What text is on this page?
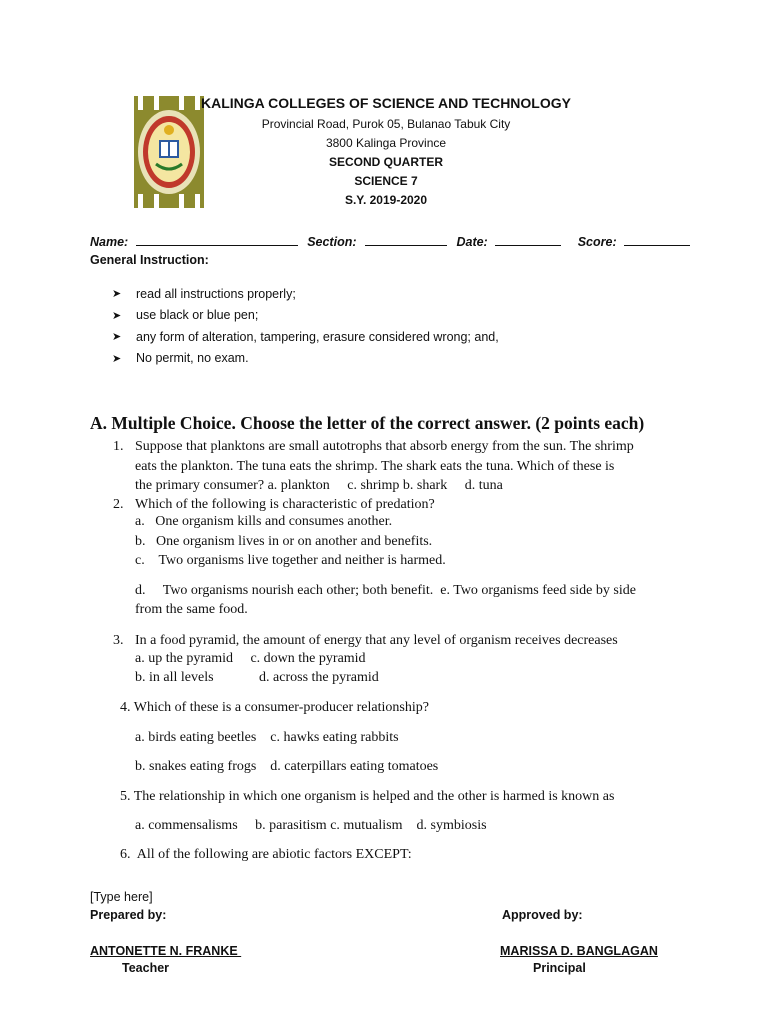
KALINGA COLLEGES OF SCIENCE AND TECHNOLOGY
Provincial Road, Purok 05, Bulanao Tabuk City
3800 Kalinga Province
SECOND QUARTER
SCIENCE 7
S.Y. 2019-2020
Name:	Section:	Date:	Score:
General Instruction:
➤	read all instructions properly;
➤	use black or blue pen;
➤	any form of alteration, tampering, erasure considered wrong; and,
➤	No permit, no exam.
A. Multiple Choice. Choose the letter of the correct answer. (2 points each)
1. Suppose that planktons are small autotrophs that absorb energy from the sun. The shrimp
eats the plankton. The tuna eats the shrimp. The shark eats the tuna. Which of these is
the primary consumer? a. plankton     c. shrimp b. shark     d. tuna
2. Which of the following is characteristic of predation?
a.   One organism kills and consumes another.
b.   One organism lives in or on another and benefits.
c.    Two organisms live together and neither is harmed.
d.     Two organisms nourish each other; both benefit.  e. Two organisms feed side by side
from the same food.
3. In a food pyramid, the amount of energy that any level of organism receives decreases
a. up the pyramid     c. down the pyramid
b. in all levels             d. across the pyramid
4. Which of these is a consumer-producer relationship?
a. birds eating beetles    c. hawks eating rabbits
b. snakes eating frogs    d. caterpillars eating tomatoes
5. The relationship in which one organism is helped and the other is harmed is known as
a. commensalisms     b. parasitism c. mutualism    d. symbiosis
6.  All of the following are abiotic factors EXCEPT:
[Type here]
Prepared by:	Approved by:
ANTONETTE N. FRANKE
Teacher
MARISSA D. BANGLAGAN
Principal
